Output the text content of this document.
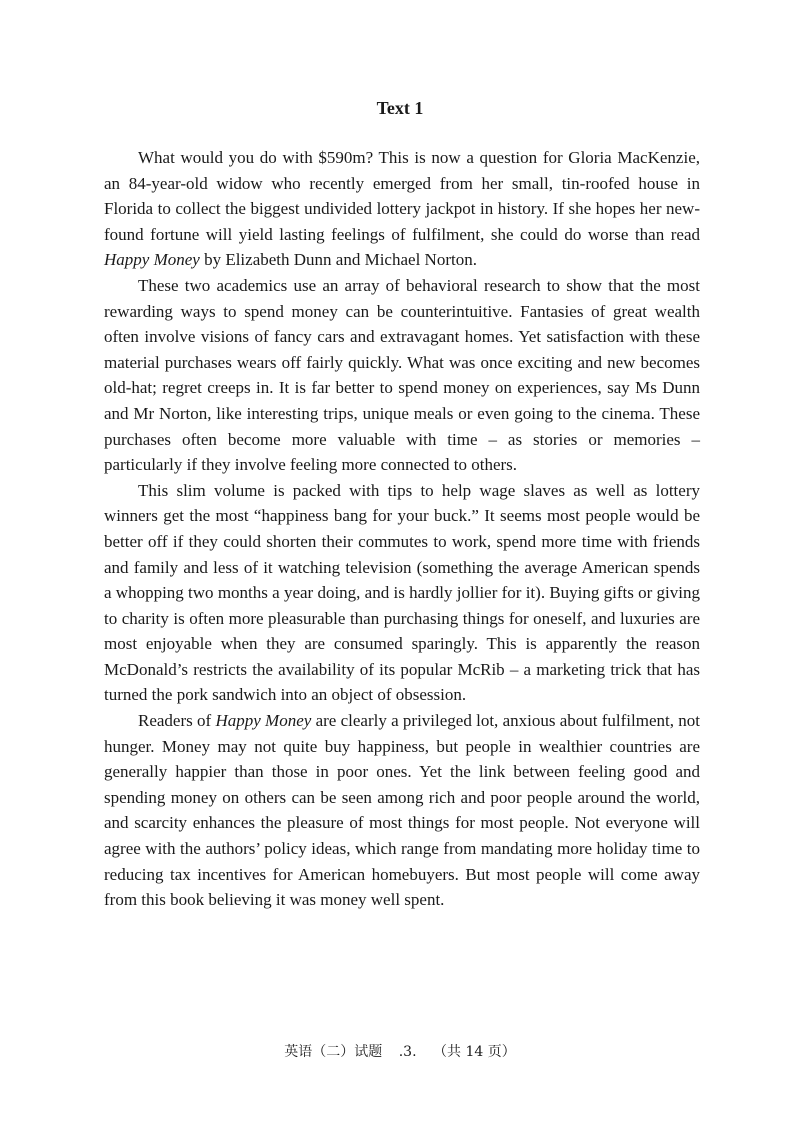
Text 1

What would you do with $590m? This is now a question for Gloria MacKenzie, an 84-year-old widow who recently emerged from her small, tin-roofed house in Florida to collect the biggest undivided lottery jackpot in history. If she hopes her new-found fortune will yield lasting feelings of fulfilment, she could do worse than read Happy Money by Elizabeth Dunn and Michael Norton.

These two academics use an array of behavioral research to show that the most rewarding ways to spend money can be counterintuitive. Fantasies of great wealth often involve visions of fancy cars and extravagant homes. Yet satisfaction with these material purchases wears off fairly quickly. What was once exciting and new becomes old-hat; regret creeps in. It is far better to spend money on experiences, say Ms Dunn and Mr Norton, like interesting trips, unique meals or even going to the cinema. These purchases often become more valuable with time – as stories or memories – particularly if they involve feeling more connected to others.

This slim volume is packed with tips to help wage slaves as well as lottery winners get the most “happiness bang for your buck.” It seems most people would be better off if they could shorten their commutes to work, spend more time with friends and family and less of it watching television (something the average American spends a whopping two months a year doing, and is hardly jollier for it). Buying gifts or giving to charity is often more pleasurable than purchasing things for oneself, and luxuries are most enjoyable when they are consumed sparingly. This is apparently the reason McDonald’s restricts the availability of its popular McRib – a marketing trick that has turned the pork sandwich into an object of obsession.

Readers of Happy Money are clearly a privileged lot, anxious about fulfilment, not hunger. Money may not quite buy happiness, but people in wealthier countries are generally happier than those in poor ones. Yet the link between feeling good and spending money on others can be seen among rich and poor people around the world, and scarcity enhances the pleasure of most things for most people. Not everyone will agree with the authors’ policy ideas, which range from mandating more holiday time to reducing tax incentives for American homebuyers. But most people will come away from this book believing it was money well spent.

英语（二）试题 .3. （共 14 页）
